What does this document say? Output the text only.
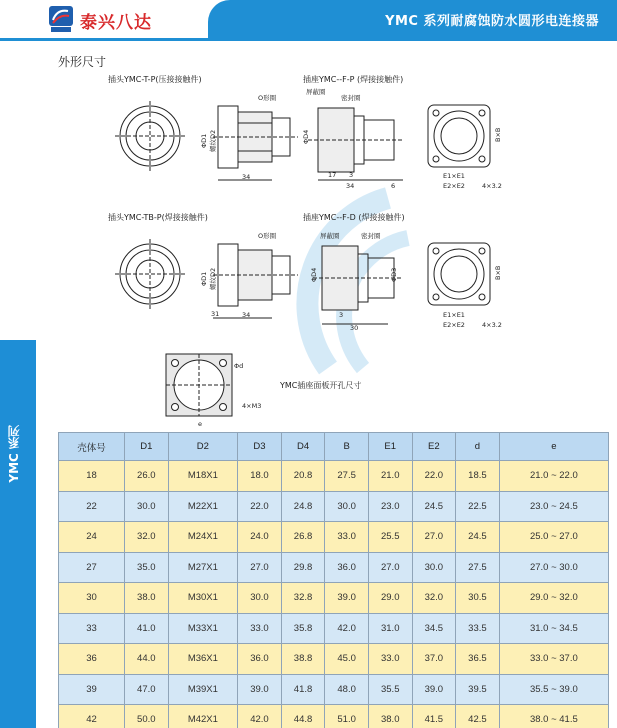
泰兴八达	YMC 系列耐腐蚀防水圆形电连接器
外形尺寸
YMC 系列
插头YMC-T-P(压接接触件)
O形圈
ΦD1 螺纹D2
34
插座YMC--F-P (焊接接触件)
屏蔽圈
密封圈
ΦD4
17 3
34	6
B×B
E1×E1
E2×E2	4×3.2
插头YMC-TB-P(焊接接触件)
O形圈
ΦD1 螺纹D2
31	34
插座YMC--F-D (焊接接触件)
屏蔽圈	密封圈
ΦD4	ΦD3
3
30
B×B
E1×E1
E2×E2	4×3.2
Φd
4×M3
e
YMC插座面板开孔尺寸
壳体号	D1	D2	D3	D4	B	E1	E2	d	e
18	26.0	M18X1	18.0	20.8	27.5	21.0	22.0	18.5	21.0 ~ 22.0
22	30.0	M22X1	22.0	24.8	30.0	23.0	24.5	22.5	23.0 ~ 24.5
24	32.0	M24X1	24.0	26.8	33.0	25.5	27.0	24.5	25.0 ~ 27.0
27	35.0	M27X1	27.0	29.8	36.0	27.0	30.0	27.5	27.0 ~ 30.0
30	38.0	M30X1	30.0	32.8	39.0	29.0	32.0	30.5	29.0 ~ 32.0
33	41.0	M33X1	33.0	35.8	42.0	31.0	34.5	33.5	31.0 ~ 34.5
36	44.0	M36X1	36.0	38.8	45.0	33.0	37.0	36.5	33.0 ~ 37.0
39	47.0	M39X1	39.0	41.8	48.0	35.5	39.0	39.5	35.5 ~ 39.0
42	50.0	M42X1	42.0	44.8	51.0	38.0	41.5	42.5	38.0 ~ 41.5
